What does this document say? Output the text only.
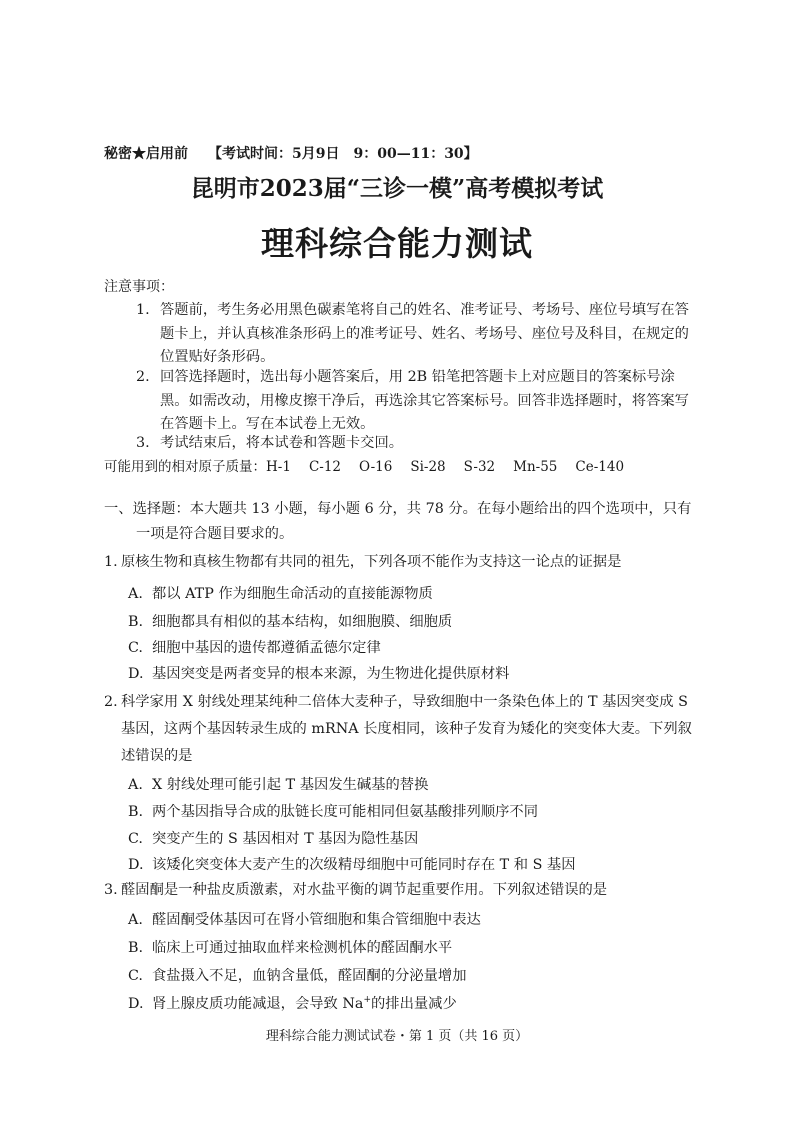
秘密★启用前 【考试时间：5月9日　9：00—11：30】
昆明市2023届“三诊一模”高考模拟考试
理科综合能力测试
注意事项：
1. 答题前，考生务必用黑色碳素笔将自己的姓名、准考证号、考场号、座位号填写在答题卡上，并认真核准条形码上的准考证号、姓名、考场号、座位号及科目，在规定的位置贴好条形码。
2. 回答选择题时，选出每小题答案后，用 2B 铅笔把答题卡上对应题目的答案标号涂黑。如需改动，用橡皮擦干净后，再选涂其它答案标号。回答非选择题时，将答案写在答题卡上。写在本试卷上无效。
3. 考试结束后，将本试卷和答题卡交回。
可能用到的相对原子质量：H-1 C-12 O-16 Si-28 S-32 Mn-55 Ce-140
一、选择题：本大题共 13 小题，每小题 6 分，共 78 分。在每小题给出的四个选项中，只有
一项是符合题目要求的。
1. 原核生物和真核生物都有共同的祖先，下列各项不能作为支持这一论点的证据是
A. 都以 ATP 作为细胞生命活动的直接能源物质
B. 细胞都具有相似的基本结构，如细胞膜、细胞质
C. 细胞中基因的遗传都遵循孟德尔定律
D. 基因突变是两者变异的根本来源，为生物进化提供原材料
2. 科学家用 X 射线处理某纯种二倍体大麦种子，导致细胞中一条染色体上的 T 基因突变成 S 基因，这两个基因转录生成的 mRNA 长度相同，该种子发育为矮化的突变体大麦。下列叙述错误的是
A. X 射线处理可能引起 T 基因发生碱基的替换
B. 两个基因指导合成的肽链长度可能相同但氨基酸排列顺序不同
C. 突变产生的 S 基因相对 T 基因为隐性基因
D. 该矮化突变体大麦产生的次级精母细胞中可能同时存在 T 和 S 基因
3. 醛固酮是一种盐皮质激素，对水盐平衡的调节起重要作用。下列叙述错误的是
A. 醛固酮受体基因可在肾小管细胞和集合管细胞中表达
B. 临床上可通过抽取血样来检测机体的醛固酮水平
C. 食盐摄入不足，血钠含量低，醛固酮的分泌量增加
D. 肾上腺皮质功能减退，会导致 Na+的排出量减少
理科综合能力测试试卷・第 1 页（共 16 页）
